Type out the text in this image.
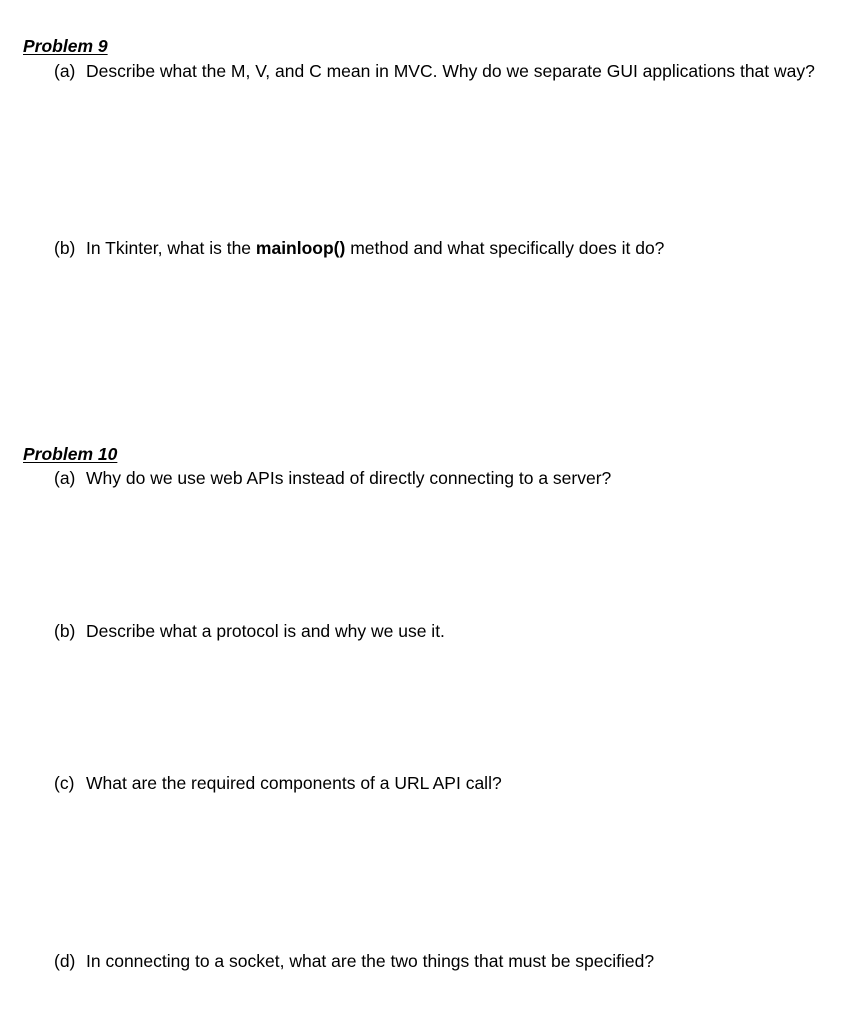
Problem 9
(a) Describe what the M, V, and C mean in MVC. Why do we separate GUI applications that way?
(b) In Tkinter, what is the mainloop() method and what specifically does it do?
Problem 10
(a) Why do we use web APIs instead of directly connecting to a server?
(b) Describe what a protocol is and why we use it.
(c) What are the required components of a URL API call?
(d) In connecting to a socket, what are the two things that must be specified?
